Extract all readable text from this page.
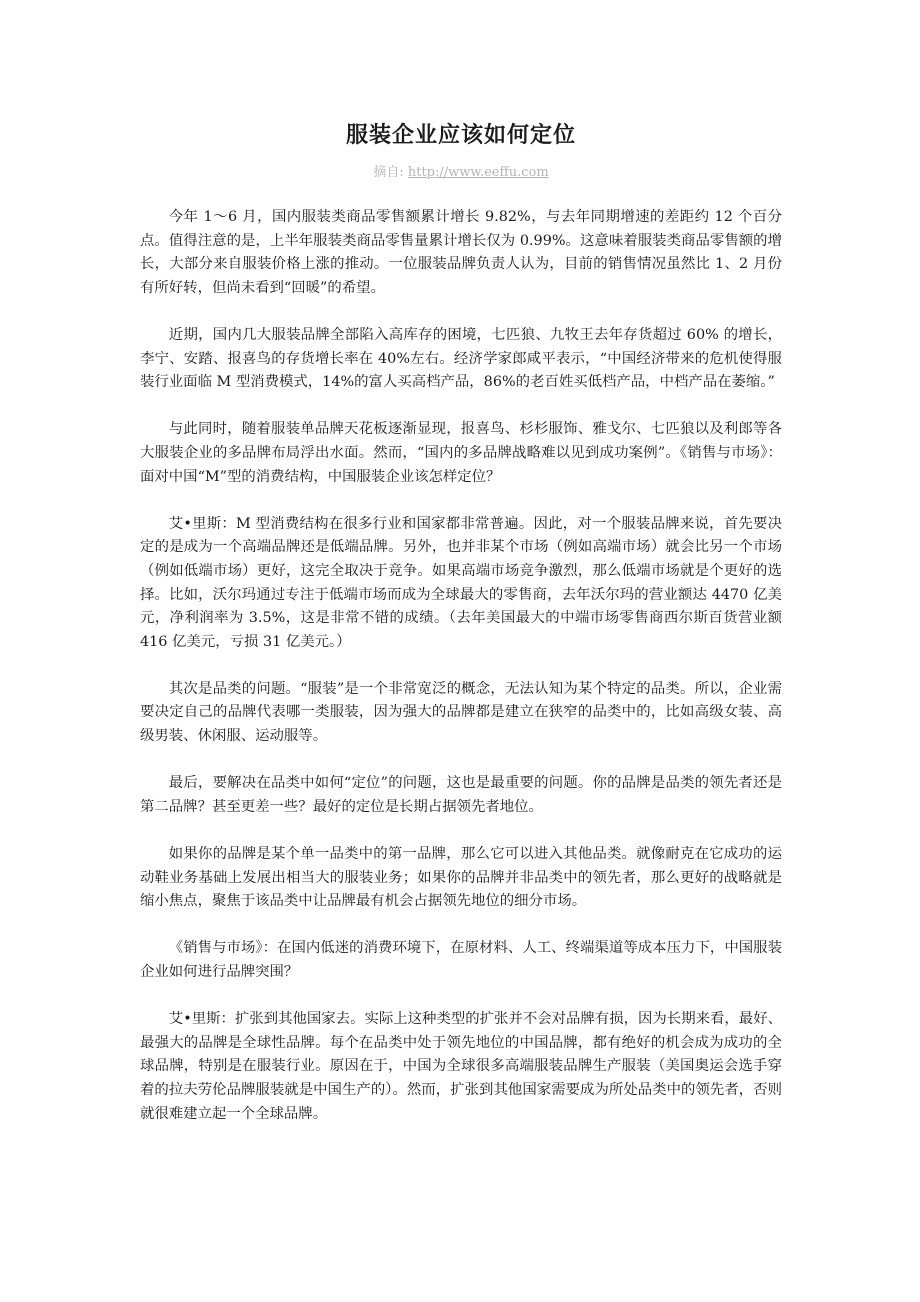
服装企业应该如何定位
摘自: http://www.eeffu.com

今年 1～6 月，国内服装类商品零售额累计增长 9.82%，与去年同期增速的差距约 12 个百分点。值得注意的是，上半年服装类商品零售量累计增长仅为 0.99%。这意味着服装类商品零售额的增长，大部分来自服装价格上涨的推动。一位服装品牌负责人认为，目前的销售情况虽然比 1、2 月份有所好转，但尚未看到“回暖”的希望。

近期，国内几大服装品牌全部陷入高库存的困境，七匹狼、九牧王去年存货超过 60% 的增长，李宁、安踏、报喜鸟的存货增长率在 40%左右。经济学家郎咸平表示，“中国经济带来的危机使得服装行业面临 M 型消费模式，14%的富人买高档产品，86%的老百姓买低档产品，中档产品在萎缩。”

与此同时，随着服装单品牌天花板逐渐显现，报喜鸟、杉杉服饰、雅戈尔、七匹狼以及利郎等各大服装企业的多品牌布局浮出水面。然而，“国内的多品牌战略难以见到成功案例”。《销售与市场》：面对中国“M”型的消费结构，中国服装企业该怎样定位？

艾•里斯：M 型消费结构在很多行业和国家都非常普遍。因此，对一个服装品牌来说，首先要决定的是成为一个高端品牌还是低端品牌。另外，也并非某个市场（例如高端市场）就会比另一个市场（例如低端市场）更好，这完全取决于竞争。如果高端市场竞争激烈，那么低端市场就是个更好的选择。比如，沃尔玛通过专注于低端市场而成为全球最大的零售商，去年沃尔玛的营业额达 4470 亿美元，净利润率为 3.5%，这是非常不错的成绩。（去年美国最大的中端市场零售商西尔斯百货营业额 416 亿美元，亏损 31 亿美元。）

其次是品类的问题。“服装”是一个非常宽泛的概念，无法认知为某个特定的品类。所以，企业需要决定自己的品牌代表哪一类服装，因为强大的品牌都是建立在狭窄的品类中的，比如高级女装、高级男装、休闲服、运动服等。

最后，要解决在品类中如何“定位”的问题，这也是最重要的问题。你的品牌是品类的领先者还是第二品牌？甚至更差一些？最好的定位是长期占据领先者地位。

如果你的品牌是某个单一品类中的第一品牌，那么它可以进入其他品类。就像耐克在它成功的运动鞋业务基础上发展出相当大的服装业务；如果你的品牌并非品类中的领先者，那么更好的战略就是缩小焦点，聚焦于该品类中让品牌最有机会占据领先地位的细分市场。

《销售与市场》：在国内低迷的消费环境下，在原材料、人工、终端渠道等成本压力下，中国服装企业如何进行品牌突围？

艾•里斯：扩张到其他国家去。实际上这种类型的扩张并不会对品牌有损，因为长期来看，最好、最强大的品牌是全球性品牌。每个在品类中处于领先地位的中国品牌，都有绝好的机会成为成功的全球品牌，特别是在服装行业。原因在于，中国为全球很多高端服装品牌生产服装（美国奥运会选手穿着的拉夫劳伦品牌服装就是中国生产的）。然而，扩张到其他国家需要成为所处品类中的领先者，否则就很难建立起一个全球品牌。
